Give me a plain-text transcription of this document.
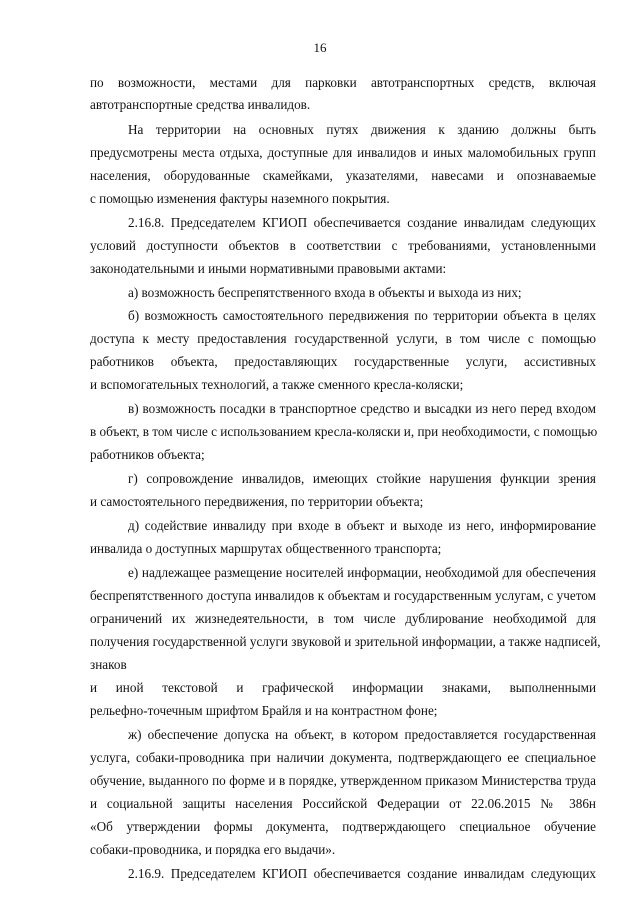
16
по возможности, местами для парковки автотранспортных средств, включая
автотранспортные средства инвалидов.
На территории на основных путях движения к зданию должны быть
предусмотрены места отдыха, доступные для инвалидов и иных маломобильных групп
населения, оборудованные скамейками, указателями, навесами и опознаваемые
с помощью изменения фактуры наземного покрытия.
2.16.8. Председателем КГИОП обеспечивается создание инвалидам следующих
условий доступности объектов в соответствии с требованиями, установленными
законодательными и иными нормативными правовыми актами:
а) возможность беспрепятственного входа в объекты и выхода из них;
б) возможность самостоятельного передвижения по территории объекта в целях
доступа к месту предоставления государственной услуги, в том числе с помощью
работников объекта, предоставляющих государственные услуги, ассистивных
и вспомогательных технологий, а также сменного кресла-коляски;
в) возможность посадки в транспортное средство и высадки из него перед входом
в объект, в том числе с использованием кресла-коляски и, при необходимости, с помощью
работников объекта;
г) сопровождение инвалидов, имеющих стойкие нарушения функции зрения
и самостоятельного передвижения, по территории объекта;
д) содействие инвалиду при входе в объект и выходе из него, информирование
инвалида о доступных маршрутах общественного транспорта;
е) надлежащее размещение носителей информации, необходимой для обеспечения
беспрепятственного доступа инвалидов к объектам и государственным услугам, с учетом
ограничений их жизнедеятельности, в том числе дублирование необходимой для
получения государственной услуги звуковой и зрительной информации, а также надписей,
знаков
и иной текстовой и графической информации знаками, выполненными
рельефно-точечным шрифтом Брайля и на контрастном фоне;
ж) обеспечение допуска на объект, в котором предоставляется государственная
услуга, собаки-проводника при наличии документа, подтверждающего ее специальное
обучение, выданного по форме и в порядке, утвержденном приказом Министерства труда
и социальной защиты населения Российской Федерации от 22.06.2015 № 386н
«Об утверждении формы документа, подтверждающего специальное обучение
собаки-проводника, и порядка его выдачи».
2.16.9. Председателем КГИОП обеспечивается создание инвалидам следующих
